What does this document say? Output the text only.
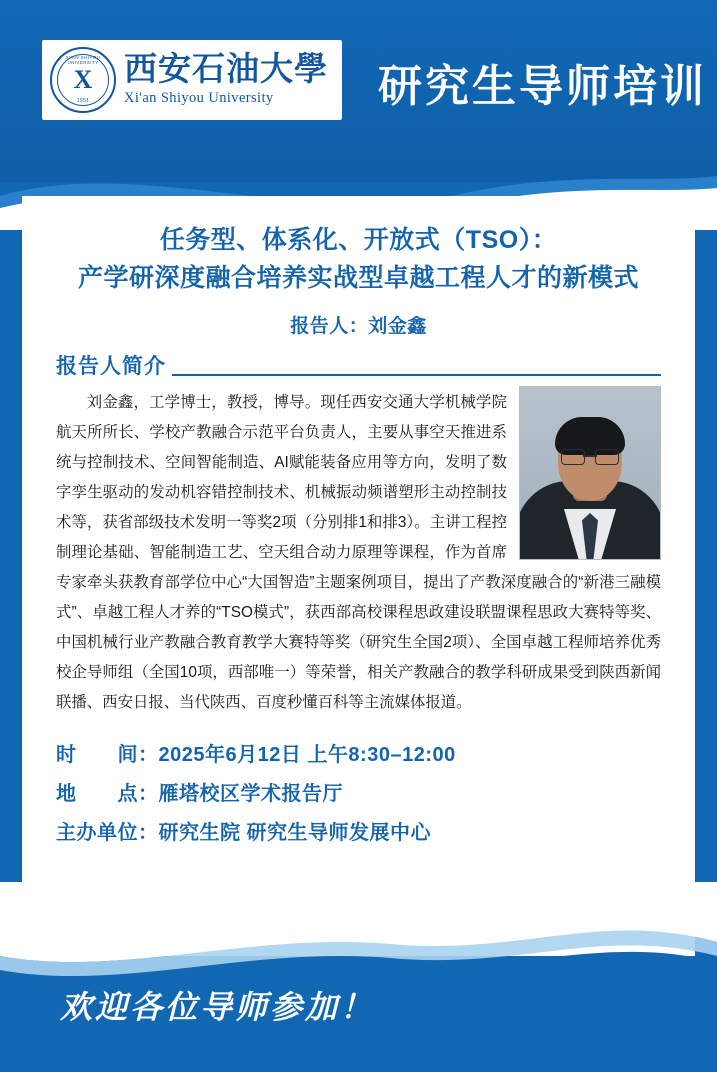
XI'AN SHIYOU UNIVERSITY
X
1951
西安石油大學
Xi'an Shiyou University	研究生导师培训
任务型、体系化、开放式（TSO）：
产学研深度融合培养实战型卓越工程人才的新模式
报告人：刘金鑫
报告人简介
刘金鑫，工学博士，教授，博导。现任西安交通大学机械学院航天所所长、学校产教融合示范平台负责人，主要从事空天推进系统与控制技术、空间智能制造、AI赋能装备应用等方向，发明了数字孪生驱动的发动机容错控制技术、机械振动频谱塑形主动控制技术等，获省部级技术发明一等奖2项（分别排1和排3）。主讲工程控制理论基础、智能制造工艺、空天组合动力原理等课程，作为首席专家牵头获教育部学位中心“大国智造”主题案例项目，提出了产教深度融合的“新港三融模式”、卓越工程人才养的“TSO模式”，获西部高校课程思政建设联盟课程思政大赛特等奖、中国机械行业产教融合教育教学大赛特等奖（研究生全国2项）、全国卓越工程师培养优秀校企导师组（全国10项，西部唯一）等荣誉，相关产教融合的教学科研成果受到陕西新闻联播、西安日报、当代陕西、百度秒懂百科等主流媒体报道。
时　　间：2025年6月12日 上午8:30–12:00
地　　点：雁塔校区学术报告厅
主办单位：研究生院 研究生导师发展中心
欢迎各位导师参加！
